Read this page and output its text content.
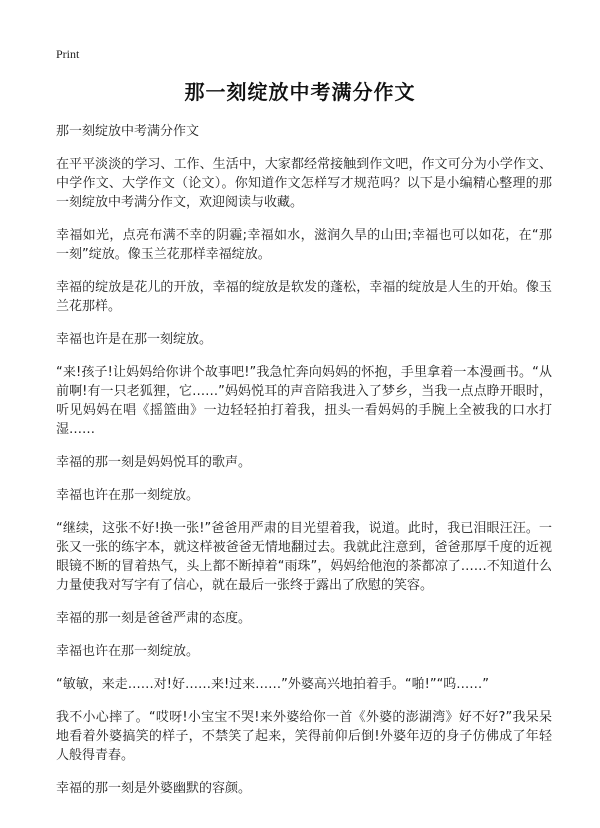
Print
那一刻绽放中考满分作文

那一刻绽放中考满分作文

在平平淡淡的学习、工作、生活中，大家都经常接触到作文吧，作文可分为小学作文、中学作文、大学作文（论文）。你知道作文怎样写才规范吗？以下是小编精心整理的那一刻绽放中考满分作文，欢迎阅读与收藏。

幸福如光，点亮布满不幸的阴霾;幸福如水，滋润久旱的山田;幸福也可以如花，在“那一刻”绽放。像玉兰花那样幸福绽放。

幸福的绽放是花儿的开放，幸福的绽放是软发的蓬松，幸福的绽放是人生的开始。像玉兰花那样。

幸福也许是在那一刻绽放。

“来!孩子!让妈妈给你讲个故事吧!”我急忙奔向妈妈的怀抱，手里拿着一本漫画书。“从前啊!有一只老狐狸，它……”妈妈悦耳的声音陪我进入了梦乡，当我一点点睁开眼时，听见妈妈在唱《摇篮曲》一边轻轻拍打着我，扭头一看妈妈的手腕上全被我的口水打湿……

幸福的那一刻是妈妈悦耳的歌声。

幸福也许在那一刻绽放。

“继续，这张不好!换一张!”爸爸用严肃的目光望着我，说道。此时，我已泪眼汪汪。一张又一张的练字本，就这样被爸爸无情地翻过去。我就此注意到，爸爸那厚千度的近视眼镜不断的冒着热气，头上都不断掉着“雨珠”，妈妈给他泡的茶都凉了……不知道什么力量使我对写字有了信心，就在最后一张终于露出了欣慰的笑容。

幸福的那一刻是爸爸严肃的态度。

幸福也许在那一刻绽放。

“敏敏，来走……对!好……来!过来……”外婆高兴地拍着手。“啪!”“呜……”

我不小心摔了。“哎呀!小宝宝不哭!来外婆给你一首《外婆的澎湖湾》好不好?”我呆呆地看着外婆搞笑的样子，不禁笑了起来，笑得前仰后倒!外婆年迈的身子仿佛成了年轻人般得青春。

幸福的那一刻是外婆幽默的容颜。
